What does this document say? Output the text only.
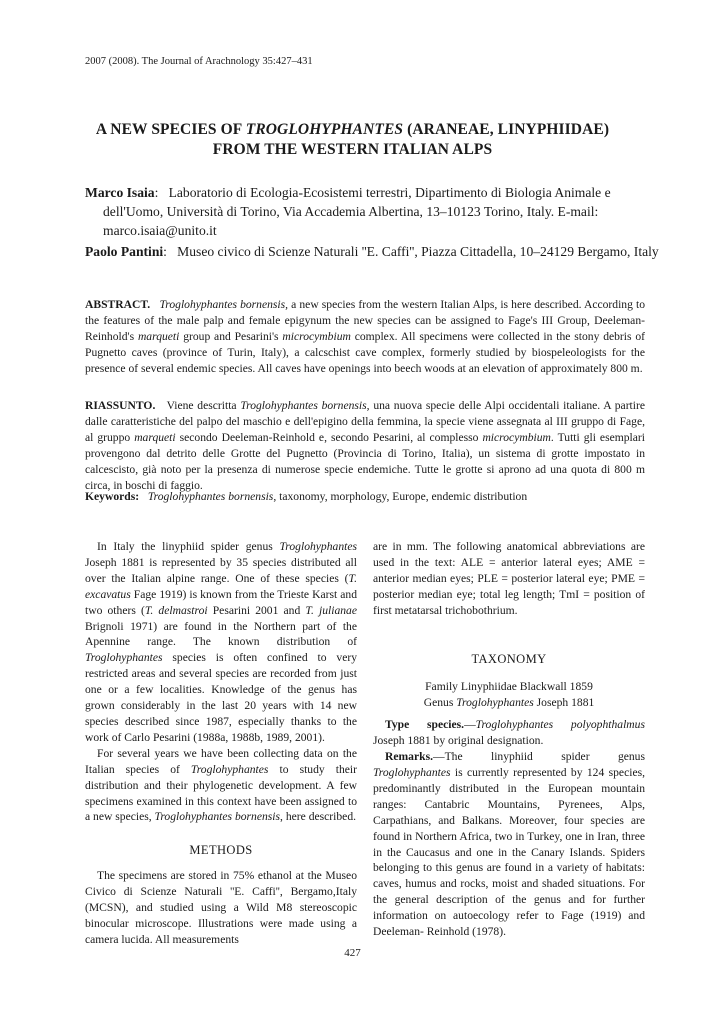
2007 (2008). The Journal of Arachnology 35:427–431
A NEW SPECIES OF TROGLOHYPHANTES (ARANEAE, LINYPHIIDAE) FROM THE WESTERN ITALIAN ALPS
Marco Isaia:   Laboratorio di Ecologia-Ecosistemi terrestri, Dipartimento di Biologia Animale e dell'Uomo, Università di Torino, Via Accademia Albertina, 13–10123 Torino, Italy. E-mail: marco.isaia@unito.it
Paolo Pantini:   Museo civico di Scienze Naturali ''E. Caffi'', Piazza Cittadella, 10–24129 Bergamo, Italy
ABSTRACT. Troglohyphantes bornensis, a new species from the western Italian Alps, is here described. According to the features of the male palp and female epigynum the new species can be assigned to Fage's III Group, Deeleman-Reinhold's marqueti group and Pesarini's microcymbium complex. All specimens were collected in the stony debris of Pugnetto caves (province of Turin, Italy), a calcschist cave complex, formerly studied by biospeleologists for the presence of several endemic species. All caves have openings into beech woods at an elevation of approximately 800 m.
RIASSUNTO. Viene descritta Troglohyphantes bornensis, una nuova specie delle Alpi occidentali italiane. A partire dalle caratteristiche del palpo del maschio e dell'epigino della femmina, la specie viene assegnata al III gruppo di Fage, al gruppo marqueti secondo Deeleman-Reinhold e, secondo Pesarini, al complesso microcymbium. Tutti gli esemplari provengono dal detrito delle Grotte del Pugnetto (Provincia di Torino, Italia), un sistema di grotte impostato in calcescisto, già noto per la presenza di numerose specie endemiche. Tutte le grotte si aprono ad una quota di 800 m circa, in boschi di faggio.
Keywords: Troglohyphantes bornensis, taxonomy, morphology, Europe, endemic distribution

In Italy the linyphiid spider genus Troglohyphantes Joseph 1881 is represented by 35 species distributed all over the Italian alpine range. One of these species (T. excavatus Fage 1919) is known from the Trieste Karst and two others (T. delmastroi Pesarini 2001 and T. julianae Brignoli 1971) are found in the Northern part of the Apennine range. The known distribution of Troglohyphantes species is often confined to very restricted areas and several species are recorded from just one or a few localities. Knowledge of the genus has grown considerably in the last 20 years with 14 new species described since 1987, especially thanks to the work of Carlo Pesarini (1988a, 1988b, 1989, 2001).

For several years we have been collecting data on the Italian species of Troglohyphantes to study their distribution and their phylogenetic development. A few specimens examined in this context have been assigned to a new species, Troglohyphantes bornensis, here described.

METHODS

The specimens are stored in 75% ethanol at the Museo Civico di Scienze Naturali ''E. Caffi'', Bergamo,Italy (MCSN), and studied using a Wild M8 stereoscopic binocular microscope. Illustrations were made using a camera lucida. All measurements

are in mm. The following anatomical abbreviations are used in the text: ALE = anterior lateral eyes; AME = anterior median eyes; PLE = posterior lateral eye; PME = posterior median eye; total leg length; TmI = position of first metatarsal trichobothrium.

TAXONOMY
Family Linyphiidae Blackwall 1859
Genus Troglohyphantes Joseph 1881

Type species.—Troglohyphantes polyophthalmus Joseph 1881 by original designation.

Remarks.—The linyphiid spider genus Troglohyphantes is currently represented by 124 species, predominantly distributed in the European mountain ranges: Cantabric Mountains, Pyrenees, Alps, Carpathians, and Balkans. Moreover, four species are found in Northern Africa, two in Turkey, one in Iran, three in the Caucasus and one in the Canary Islands. Spiders belonging to this genus are found in a variety of habitats: caves, humus and rocks, moist and shaded situations. For the general description of the genus and for further information on autoecology refer to Fage (1919) and Deeleman- Reinhold (1978).

427
